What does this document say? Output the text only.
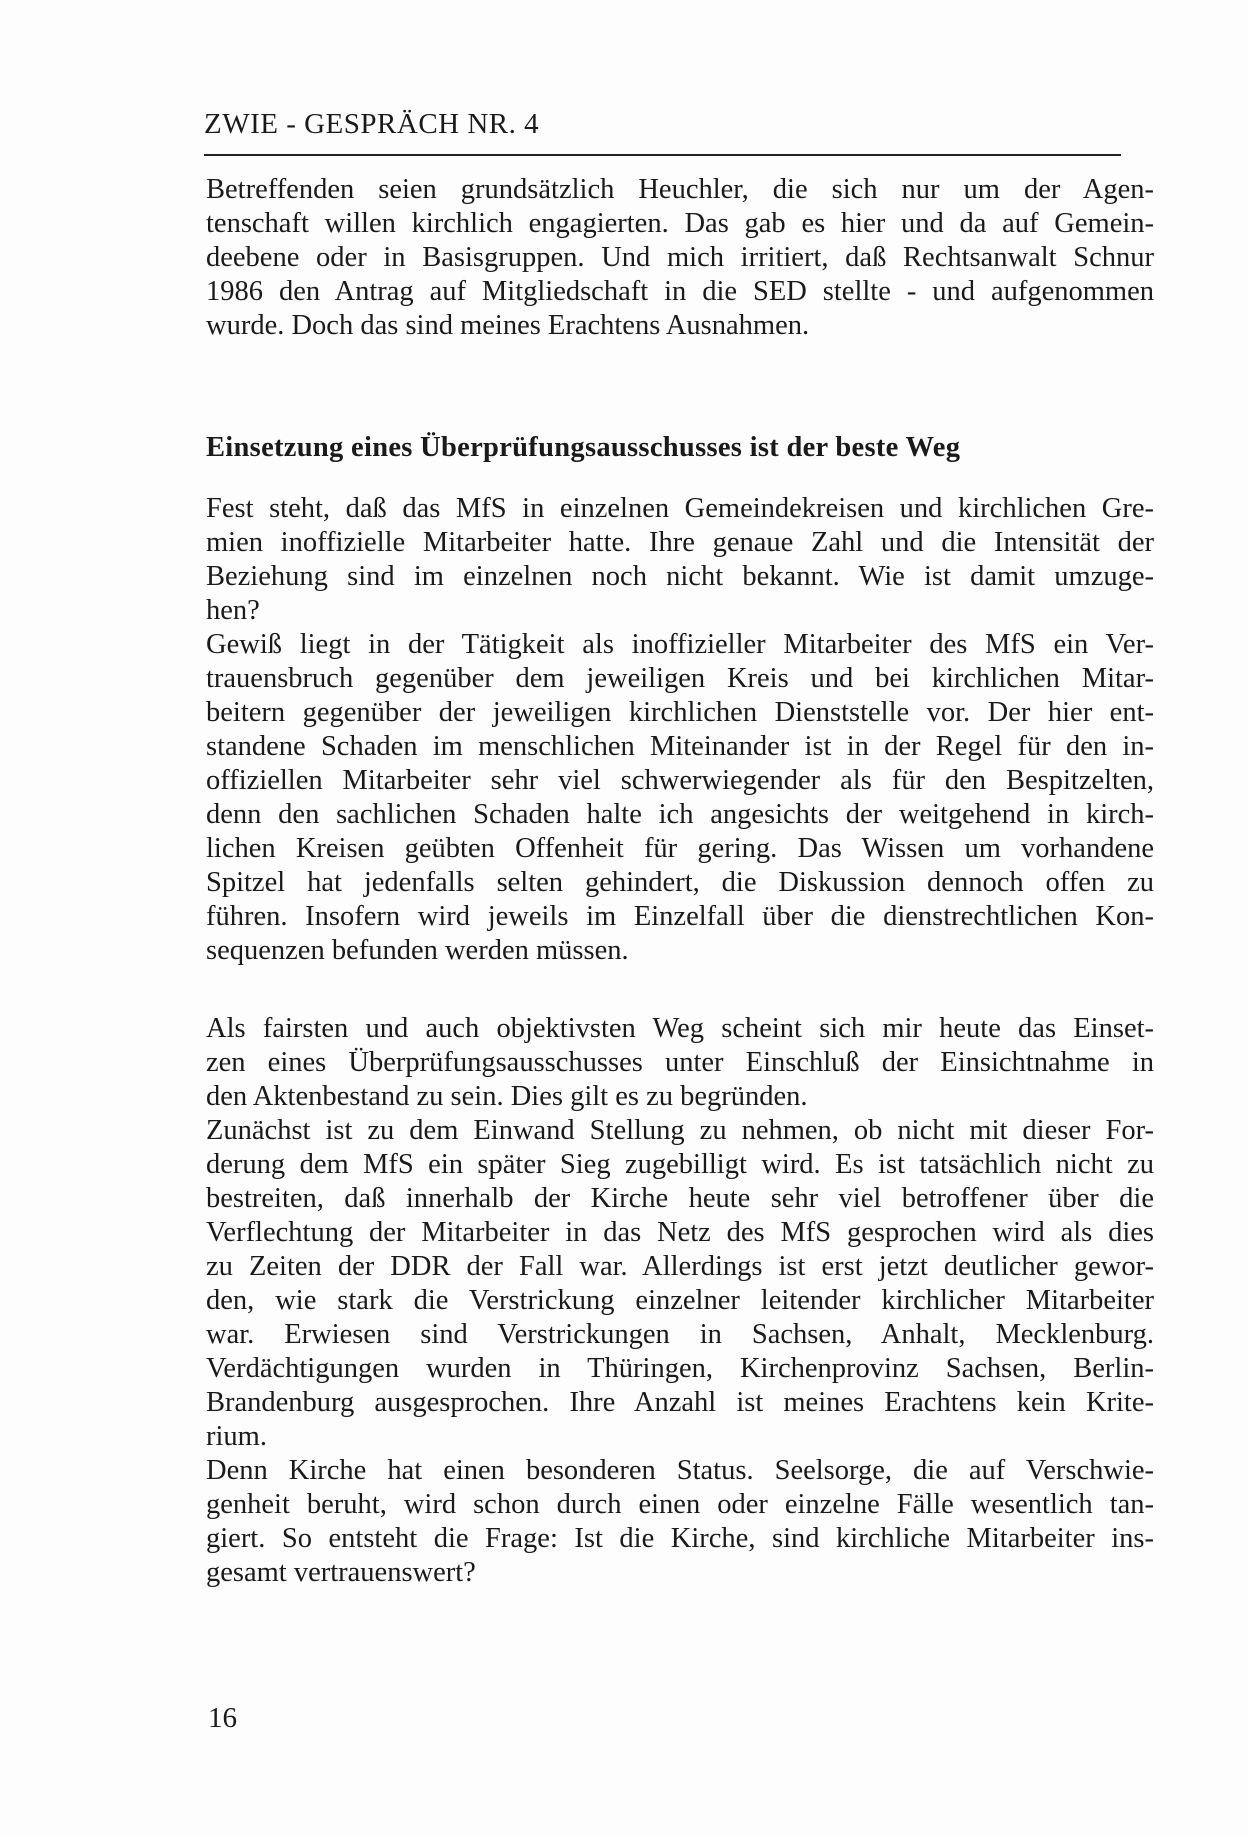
ZWIE - GESPRÄCH NR. 4
Betreffenden seien grundsätzlich Heuchler, die sich nur um der Agen-
tenschaft willen kirchlich engagierten. Das gab es hier und da auf Gemein-
deebene oder in Basisgruppen. Und mich irritiert, daß Rechtsanwalt Schnur
1986 den Antrag auf Mitgliedschaft in die SED stellte - und aufgenommen
wurde. Doch das sind meines Erachtens Ausnahmen.
Einsetzung eines Überprüfungsausschusses ist der beste Weg
Fest steht, daß das MfS in einzelnen Gemeindekreisen und kirchlichen Gre-
mien inoffizielle Mitarbeiter hatte. Ihre genaue Zahl und die Intensität der
Beziehung sind im einzelnen noch nicht bekannt. Wie ist damit umzuge-
hen?
Gewiß liegt in der Tätigkeit als inoffizieller Mitarbeiter des MfS ein Ver-
trauensbruch gegenüber dem jeweiligen Kreis und bei kirchlichen Mitar-
beitern gegenüber der jeweiligen kirchlichen Dienststelle vor. Der hier ent-
standene Schaden im menschlichen Miteinander ist in der Regel für den in-
offiziellen Mitarbeiter sehr viel schwerwiegender als für den Bespitzelten,
denn den sachlichen Schaden halte ich angesichts der weitgehend in kirch-
lichen Kreisen geübten Offenheit für gering. Das Wissen um vorhandene
Spitzel hat jedenfalls selten gehindert, die Diskussion dennoch offen zu
führen. Insofern wird jeweils im Einzelfall über die dienstrechtlichen Kon-
sequenzen befunden werden müssen.
Als fairsten und auch objektivsten Weg scheint sich mir heute das Einset-
zen eines Überprüfungsausschusses unter Einschluß der Einsichtnahme in
den Aktenbestand zu sein. Dies gilt es zu begründen.
Zunächst ist zu dem Einwand Stellung zu nehmen, ob nicht mit dieser For-
derung dem MfS ein später Sieg zugebilligt wird. Es ist tatsächlich nicht zu
bestreiten, daß innerhalb der Kirche heute sehr viel betroffener über die
Verflechtung der Mitarbeiter in das Netz des MfS gesprochen wird als dies
zu Zeiten der DDR der Fall war. Allerdings ist erst jetzt deutlicher gewor-
den, wie stark die Verstrickung einzelner leitender kirchlicher Mitarbeiter
war. Erwiesen sind Verstrickungen in Sachsen, Anhalt, Mecklenburg.
Verdächtigungen wurden in Thüringen, Kirchenprovinz Sachsen, Berlin-
Brandenburg ausgesprochen. Ihre Anzahl ist meines Erachtens kein Krite-
rium.
Denn Kirche hat einen besonderen Status. Seelsorge, die auf Verschwie-
genheit beruht, wird schon durch einen oder einzelne Fälle wesentlich tan-
giert. So entsteht die Frage: Ist die Kirche, sind kirchliche Mitarbeiter ins-
gesamt vertrauenswert?
16
